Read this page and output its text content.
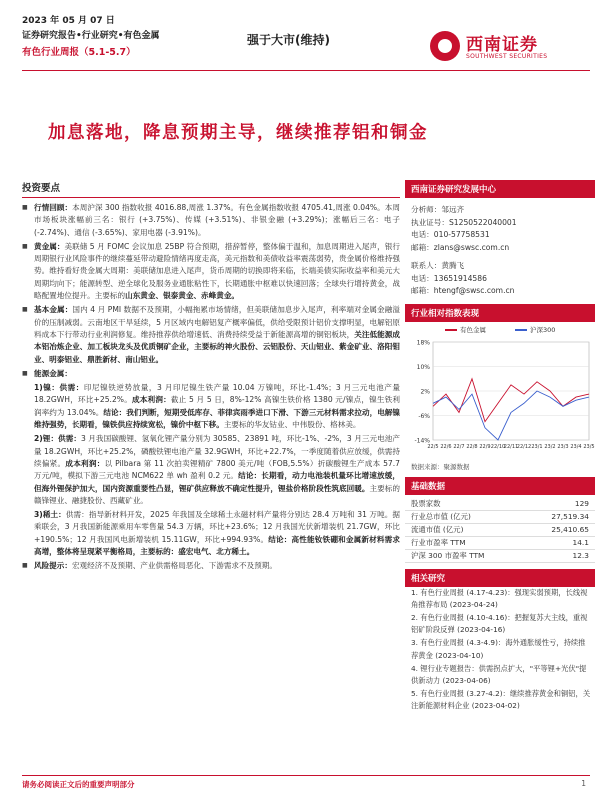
2023 年 05 月 07 日
证券研究报告•行业研究•有色金属
有色行业周报（5.1-5.7）
强于大市(维持)	西南证券
SOUTHWEST SECURITIES
加息落地，降息预期主导，继续推荐铝和铜金
投资要点
■ 行情回顾：本周沪深 300 指数收报 4016.88,周涨 1.37%。有色金属指数收报 4705.41,周涨 0.04%。本周市场板块涨幅前三名：银行 (+3.75%)、传媒 (+3.51%)、非银金融 (+3.29%)；涨幅后三名：电子 (-2.74%)、通信 (-3.65%)、家用电器 (-3.91%)。
■ 黄金属：美联储 5 月 FOMC 会议加息 25BP 符合预期，措辞暂停，整体偏于温和，加息周期进入尾声，银行周期银行业风险事件的继续蔓延带动避险情绪再度走高，美元指数和美债收益率震荡弱势，贵金属价格维持强势。维持看好贵金属大周期：美联储加息进入尾声，货币周期的切换即将来临，长端美债实际收益率和美元大周期均向下；能源转型、逆全球化及服务业通胀粘性下，长期通胀中枢难以快速回落；全球央行增持黄金，战略配置地位提升。主要标的山东黄金、银泰黄金、赤峰黄金。
■ 基本金属：国内 4 月 PMI 数据不及预期，小幅拖累市场情绪，但美联储加息步入尾声，利率端对金属金融溢价的压制减弱。云南地区干旱延续，5 月区域内电解铝复产概率偏低，供给受限预计铝价支撑明显，电解铝原料成本下行带动行业利润修复。维持推荐供给增速低、消费持续受益于新能源高增的铜铝板块，关注低能源成本铝冶炼企业、加工板块龙头及优质铜矿企业，主要标的神火股份、云铝股份、天山铝业、紫金矿业、洛阳钼业、明泰铝业、鼎胜新材、南山铝业。
■ 能源金属：
1)镍：供需：印尼镍铁逆势放量，3 月印尼镍生铁产量 10.04 万镍吨，环比-1.4%；3 月三元电池产量 18.2GWH，环比+25.2%。成本利润：截止 5 月 5 日，8%-12% 高镍生铁价格 1380 元/镍点，镍生铁利润率约为 13.04%。结论：我们判断，短期受低库存、菲律宾雨季进口下滑、下游三元材料需求拉动，电解镍维持强势，长期看，镍铁供应持续宽松，镍价中枢下移。主要标的华友钴业、中伟股份、格林美。
2)锂：供需：3 月我国碳酸锂、氢氧化锂产量分别为 30585、23891 吨，环比-1%、-2%，3 月三元电池产量 18.2GWH，环比+25.2%，磷酸铁锂电池产量 32.9GWH，环比+22.7%，一季度随着供应放缓，供需持续偏紧。成本利润：以 Pilbara 第 11 次拍卖锂精矿 7800 美元/吨（FOB,5.5%）折碳酸锂生产成本 57.7 万元/吨，模拟下游三元电池 NCM622 单 wh 盈利 0.2 元。结论：长期看，动力电池装机量环比增速放缓，但海外锂保护加大，国内资源重要性凸显，锂矿供应释放不确定性提升，锂盐价格阶段性筑底回暖。主要标的赣锋锂业、融捷股份、西藏矿业。
3)稀土：供需：指导新材料开发，2025 年我国及全球稀土永磁材料产量将分别达 28.4 万吨和 31 万吨。据乘联会，3 月我国新能源乘用车零售量 54.3 万辆，环比+23.6%；12 月我国光伏新增装机 21.7GW，环比+190.5%；12 月我国风电新增装机 15.11GW，环比+994.93%。结论：高性能钕铁硼和金属新材料需求高增，整体将呈现紧平衡格局，主要标的：盛宏电气、北方稀土。
■ 风险提示：宏观经济不及预期、产业供需格局恶化、下游需求不及预期。
西南证券研究发展中心
分析师：邹远齐
执业证号：S1250522040001
电话：010-57758531
邮箱：zlans@swsc.com.cn
联系人：黄腾飞
电话：13651914586
邮箱：htengf@swsc.com.cn
行业相对指数表现
有色金属	沪深300
18%
10%
2%
-6%
-14%
22/5 22/6 22/7 22/8 22/9 22/10
22/11
22/12 23/1 23/2 23/3 23/4 23/5
数据来源：聚源数据
基础数据
股票家数	129
行业总市值 (亿元)	27,519.34
流通市值 (亿元)	25,410.65
行业市盈率 TTM	14.1
沪深 300 市盈率 TTM	12.3
相关研究
1. 有色行业周报 (4.17-4.23)：强现实弱预期，长线视角推荐布局 (2023-04-24)
2. 有色行业周报 (4.10-4.16)：把握复苏大主线，重视铝矿阶段反弹 (2023-04-16)
3. 有色行业周报 (4.3-4.9)：海外通胀缓性亏，持续推荐黄金 (2023-04-10)
4. 锂行业专题报告：供需拐点扩大，"平等锂+光伏"提供新动力 (2023-04-06)
5. 有色行业周报 (3.27-4.2)：继续推荐黄金和铜铝，关注新能源材料企业 (2023-04-02)
请务必阅读正文后的重要声明部分	1
